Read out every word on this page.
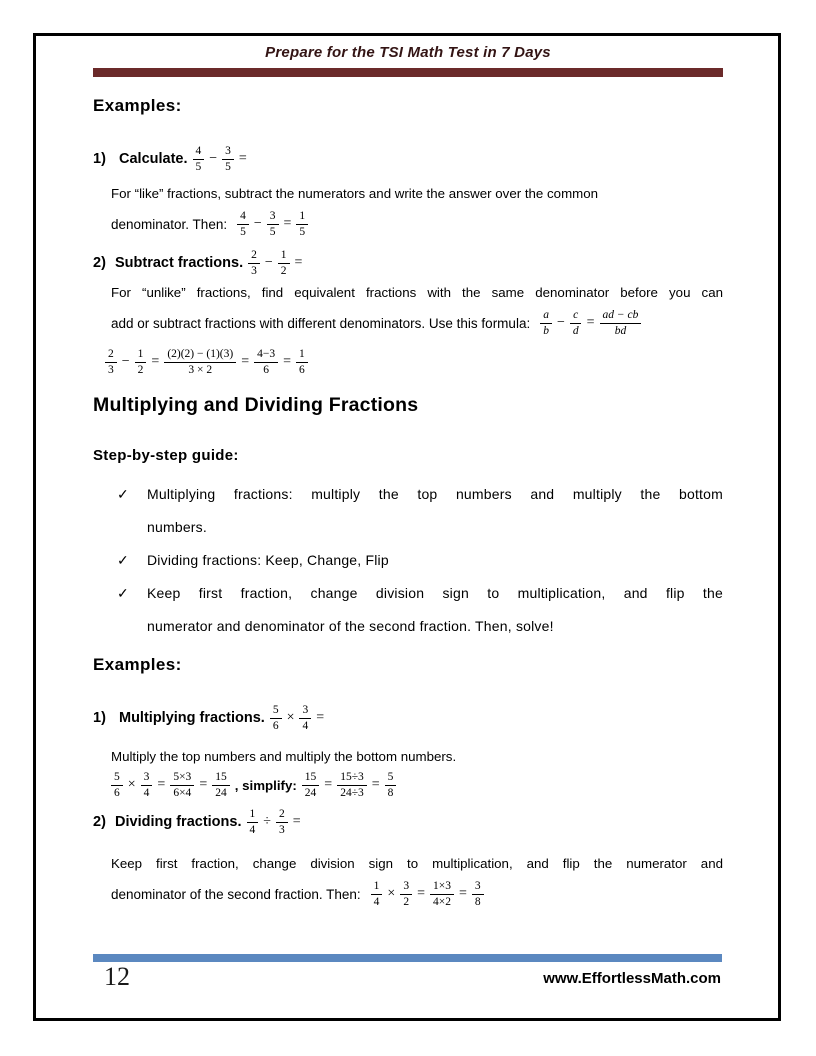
Prepare for the TSI Math Test in 7 Days
Examples:
1) Calculate. $\frac{4}{5} - \frac{3}{5}$ =
For “like” fractions, subtract the numerators and write the answer over the common
denominator. Then: $\frac{4}{5} - \frac{3}{5} = \frac{1}{5}$
2) Subtract fractions. $\frac{2}{3} - \frac{1}{2}$ =
For “unlike” fractions, find equivalent fractions with the same denominator before you can
add or subtract fractions with different denominators. Use this formula: $\frac{a}{b} - \frac{c}{d} = \frac{ad - cb}{bd}$
$\frac{2}{3} - \frac{1}{2} = \frac{(2)(2) - (1)(3)}{3 \times 2} = \frac{4-3}{6} = \frac{1}{6}$
Multiplying and Dividing Fractions
Step-by-step guide:
✓	Multiplying fractions: multiply the top numbers and multiply the bottom
numbers.
✓	Dividing fractions: Keep, Change, Flip
✓	Keep first fraction, change division sign to multiplication, and flip the
numerator and denominator of the second fraction. Then, solve!
Examples:
1) Multiplying fractions. $\frac{5}{6} \times \frac{3}{4}$ =
Multiply the top numbers and multiply the bottom numbers.
$\frac{5}{6} \times \frac{3}{4} = \frac{5\times 3}{6\times 4} = \frac{15}{24}$ , simplify: $\frac{15}{24} = \frac{15\div 3}{24\div 3} = \frac{5}{8}$
2) Dividing fractions. $\frac{1}{4} \div \frac{2}{3}$ =
Keep first fraction, change division sign to multiplication, and flip the numerator and
denominator of the second fraction. Then: $\frac{1}{4} \times \frac{3}{2} = \frac{1\times 3}{4\times 2} = \frac{3}{8}$
12	www.EffortlessMath.com
